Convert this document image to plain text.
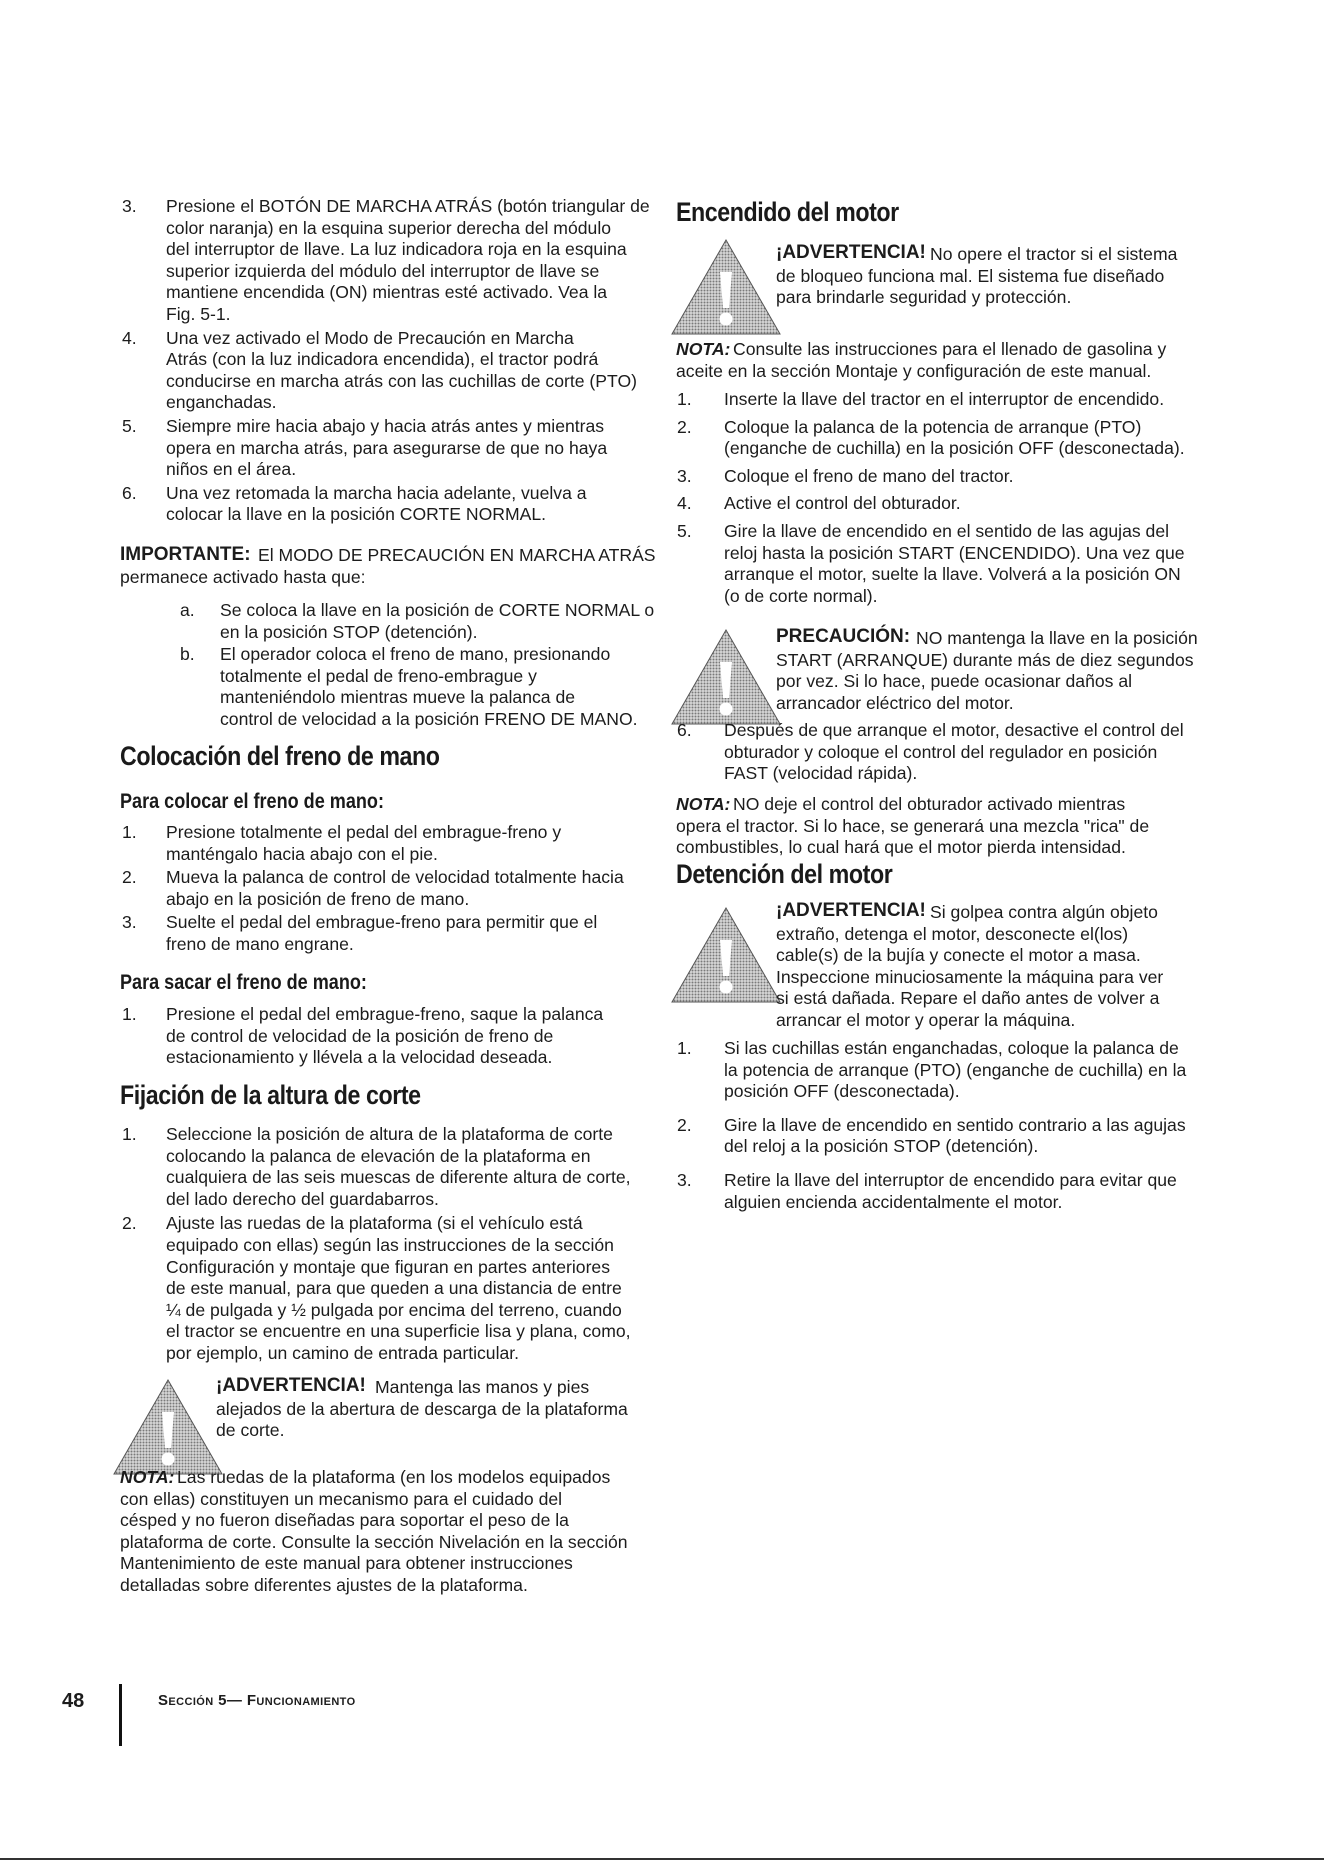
3. Presione el BOTÓN DE MARCHA ATRÁS (botón triangular de
color naranja) en la esquina superior derecha del módulo
del interruptor de llave. La luz indicadora roja en la esquina
superior izquierda del módulo del interruptor de llave se
mantiene encendida (ON) mientras esté activado. Vea la
Fig. 5-1.
4. Una vez activado el Modo de Precaución en Marcha
Atrás (con la luz indicadora encendida), el tractor podrá
conducirse en marcha atrás con las cuchillas de corte (PTO)
enganchadas.
5. Siempre mire hacia abajo y hacia atrás antes y mientras
opera en marcha atrás, para asegurarse de que no haya
niños en el área.
6. Una vez retomada la marcha hacia adelante, vuelva a
colocar la llave en la posición CORTE NORMAL.
IMPORTANTE: El MODO DE PRECAUCIÓN EN MARCHA ATRÁS
permanece activado hasta que:
a. Se coloca la llave en la posición de CORTE NORMAL o
en la posición STOP (detención).
b. El operador coloca el freno de mano, presionando
totalmente el pedal de freno-embrague y
manteniéndolo mientras mueve la palanca de
control de velocidad a la posición FRENO DE MANO.
Colocación del freno de mano
Para colocar el freno de mano:
1. Presione totalmente el pedal del embrague-freno y
manténgalo hacia abajo con el pie.
2. Mueva la palanca de control de velocidad totalmente hacia
abajo en la posición de freno de mano.
3. Suelte el pedal del embrague-freno para permitir que el
freno de mano engrane.
Para sacar el freno de mano:
1. Presione el pedal del embrague-freno, saque la palanca
de control de velocidad de la posición de freno de
estacionamiento y llévela a la velocidad deseada.
Fijación de la altura de corte
1. Seleccione la posición de altura de la plataforma de corte
colocando la palanca de elevación de la plataforma en
cualquiera de las seis muescas de diferente altura de corte,
del lado derecho del guardabarros.
2. Ajuste las ruedas de la plataforma (si el vehículo está
equipado con ellas) según las instrucciones de la sección
Configuración y montaje que figuran en partes anteriores
de este manual, para que queden a una distancia de entre
¼ de pulgada y ½ pulgada por encima del terreno, cuando
el tractor se encuentre en una superficie lisa y plana, como,
por ejemplo, un camino de entrada particular.
¡ADVERTENCIA! Mantenga las manos y pies
alejados de la abertura de descarga de la plataforma
de corte.
NOTA: Las ruedas de la plataforma (en los modelos equipados
con ellas) constituyen un mecanismo para el cuidado del
césped y no fueron diseñadas para soportar el peso de la
plataforma de corte. Consulte la sección Nivelación en la sección
Mantenimiento de este manual para obtener instrucciones
detalladas sobre diferentes ajustes de la plataforma.
Encendido del motor
¡ADVERTENCIA! No opere el tractor si el sistema
de bloqueo funciona mal. El sistema fue diseñado
para brindarle seguridad y protección.
NOTA: Consulte las instrucciones para el llenado de gasolina y
aceite en la sección Montaje y configuración de este manual.
1. Inserte la llave del tractor en el interruptor de encendido.
2. Coloque la palanca de la potencia de arranque (PTO)
(enganche de cuchilla) en la posición OFF (desconectada).
3. Coloque el freno de mano del tractor.
4. Active el control del obturador.
5. Gire la llave de encendido en el sentido de las agujas del
reloj hasta la posición START (ENCENDIDO). Una vez que
arranque el motor, suelte la llave. Volverá a la posición ON
(o de corte normal).
PRECAUCIÓN: NO mantenga la llave en la posición
START (ARRANQUE) durante más de diez segundos
por vez. Si lo hace, puede ocasionar daños al
arrancador eléctrico del motor.
6. Después de que arranque el motor, desactive el control del
obturador y coloque el control del regulador en posición
FAST (velocidad rápida).
NOTA: NO deje el control del obturador activado mientras
opera el tractor. Si lo hace, se generará una mezcla "rica" de
combustibles, lo cual hará que el motor pierda intensidad.
Detención del motor
¡ADVERTENCIA! Si golpea contra algún objeto
extraño, detenga el motor, desconecte el(los)
cable(s) de la bujía y conecte el motor a masa.
Inspeccione minuciosamente la máquina para ver
si está dañada. Repare el daño antes de volver a
arrancar el motor y operar la máquina.
1. Si las cuchillas están enganchadas, coloque la palanca de
la potencia de arranque (PTO) (enganche de cuchilla) en la
posición OFF (desconectada).
2. Gire la llave de encendido en sentido contrario a las agujas
del reloj a la posición STOP (detención).
3. Retire la llave del interruptor de encendido para evitar que
alguien encienda accidentalmente el motor.
48	Sección 5— Funcionamiento
